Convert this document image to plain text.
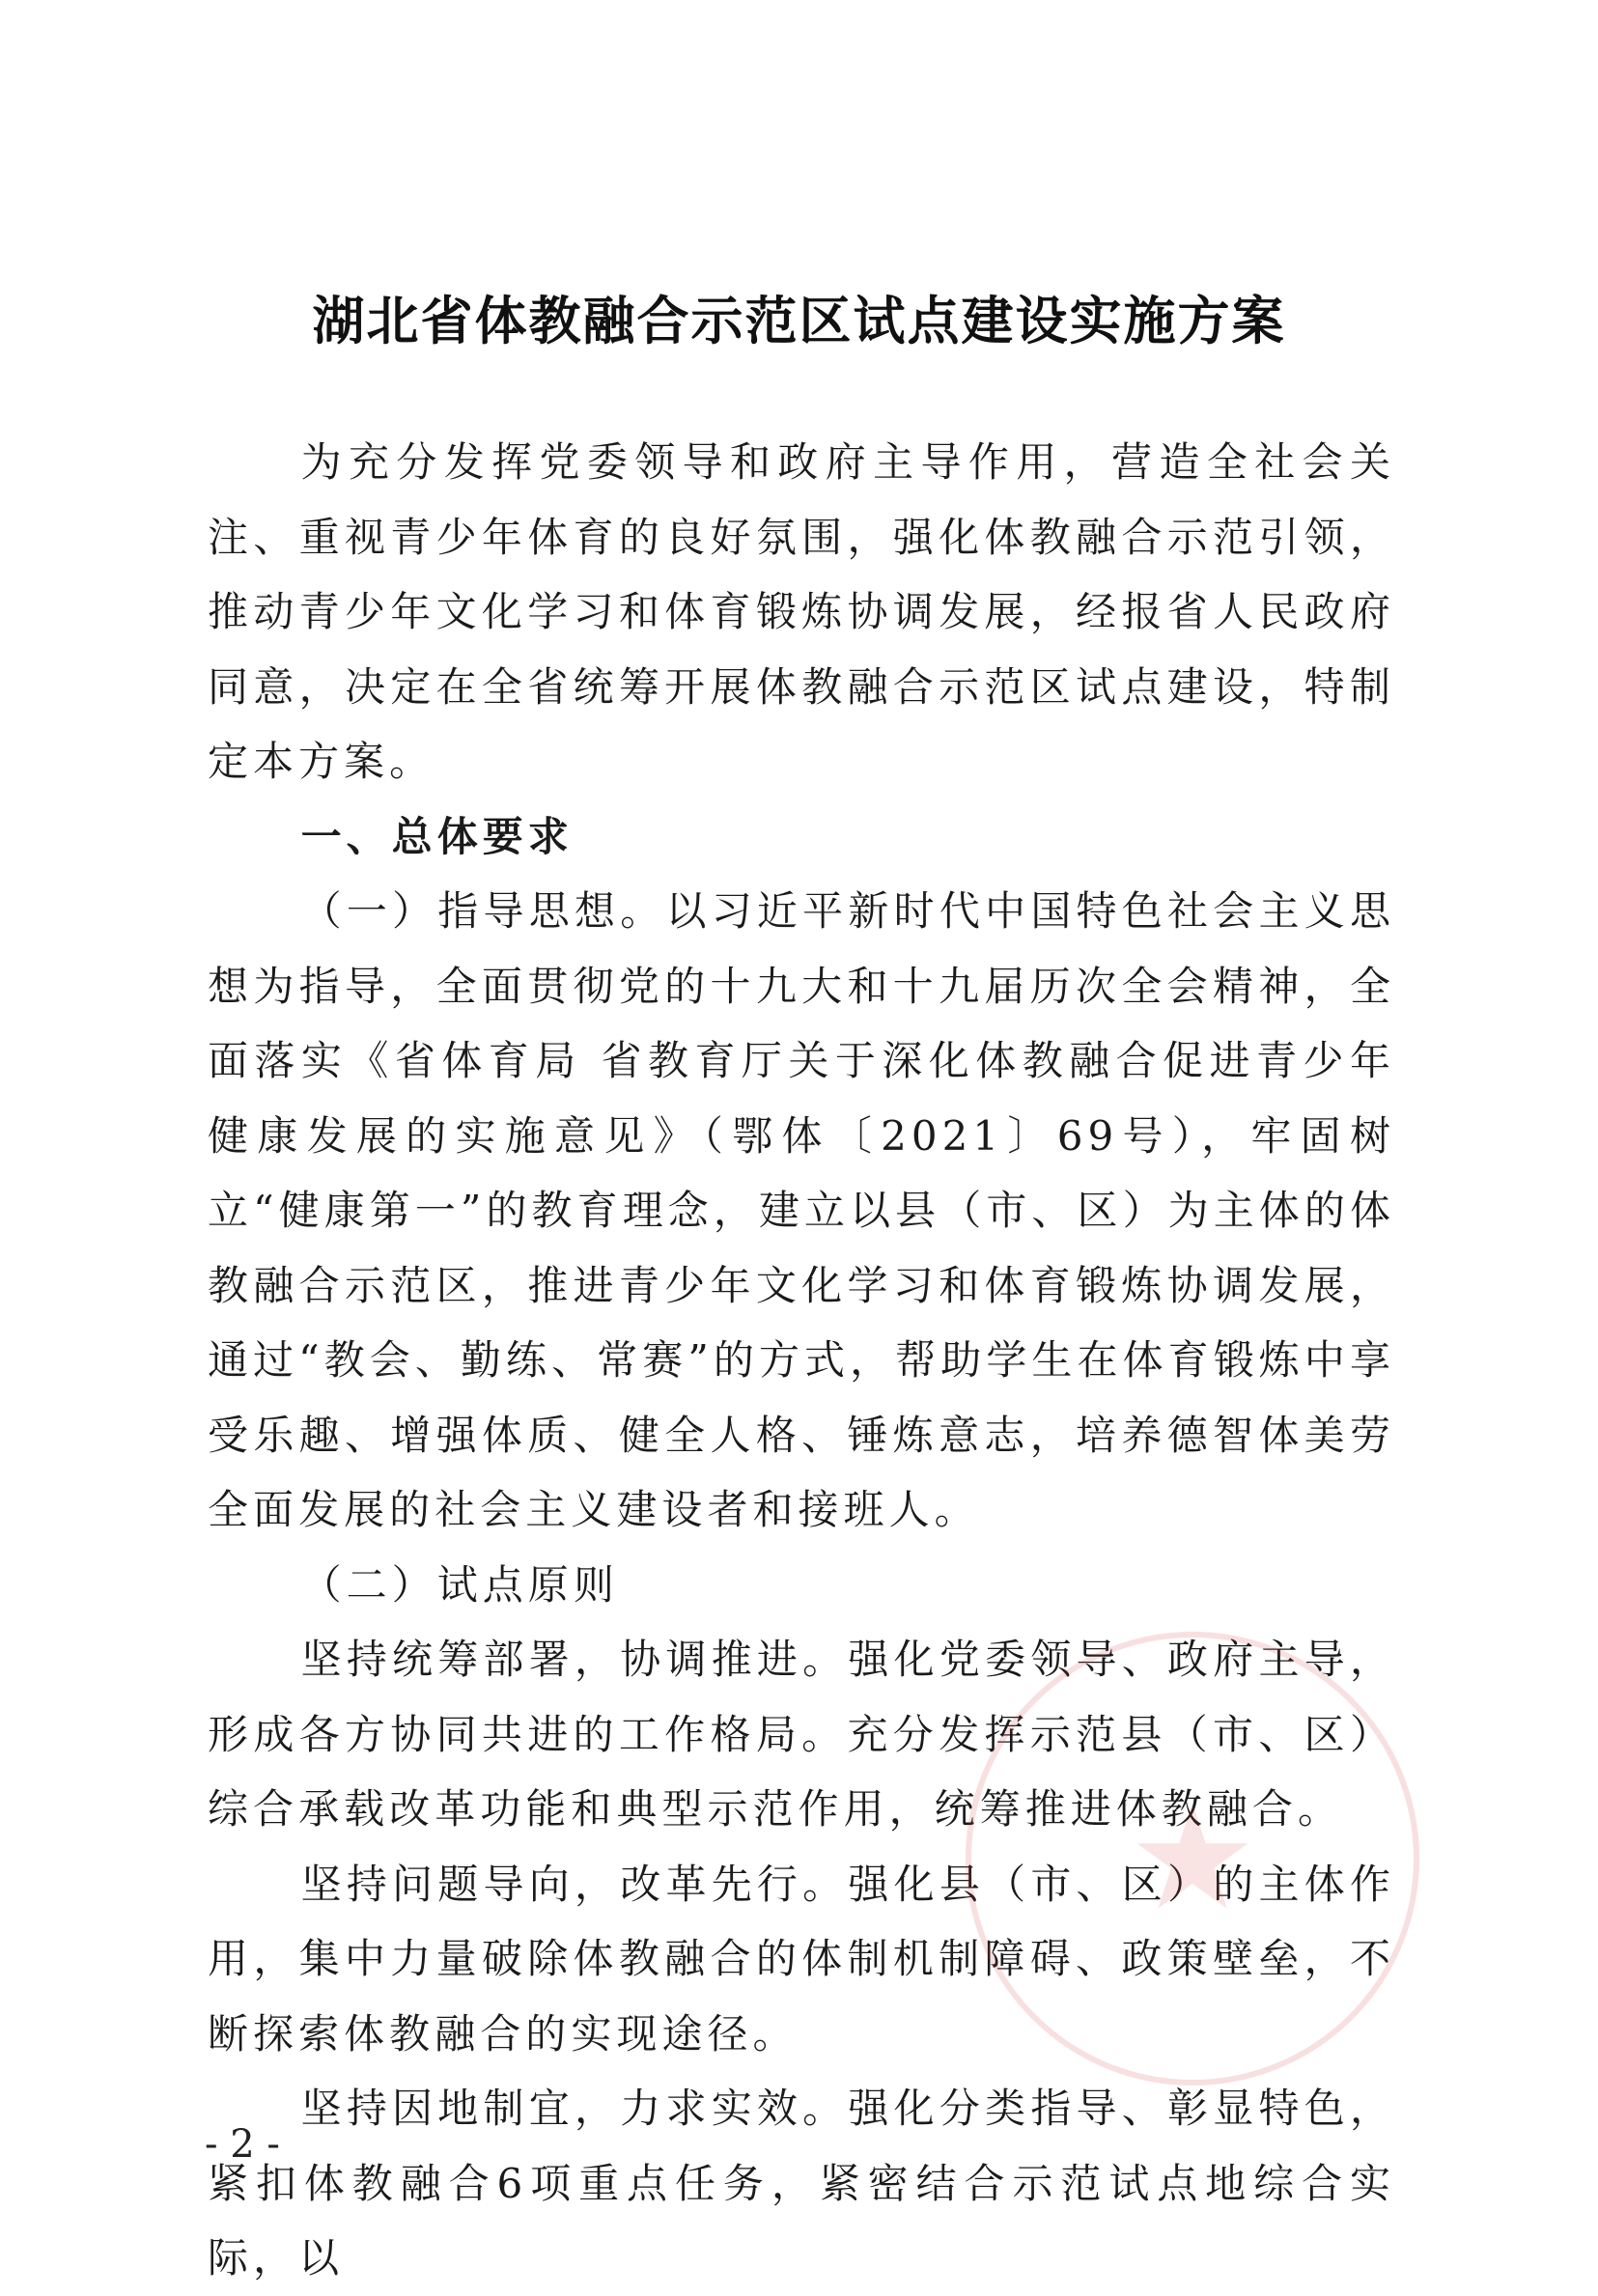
湖北省体教融合示范区试点建设实施方案

为充分发挥党委领导和政府主导作用，营造全社会关注、重视青少年体育的良好氛围，强化体教融合示范引领，推动青少年文化学习和体育锻炼协调发展，经报省人民政府同意，决定在全省统筹开展体教融合示范区试点建设，特制定本方案。

一、总体要求

（一）指导思想。以习近平新时代中国特色社会主义思想为指导，全面贯彻党的十九大和十九届历次全会精神，全面落实《省体育局 省教育厅关于深化体教融合促进青少年健康发展的实施意见》（鄂体〔2021〕69号），牢固树立“健康第一”的教育理念，建立以县（市、区）为主体的体教融合示范区，推进青少年文化学习和体育锻炼协调发展，通过“教会、勤练、常赛”的方式，帮助学生在体育锻炼中享受乐趣、增强体质、健全人格、锤炼意志，培养德智体美劳全面发展的社会主义建设者和接班人。

（二）试点原则

坚持统筹部署，协调推进。强化党委领导、政府主导，形成各方协同共进的工作格局。充分发挥示范县（市、区）综合承载改革功能和典型示范作用，统筹推进体教融合。

坚持问题导向，改革先行。强化县（市、区）的主体作用，集中力量破除体教融合的体制机制障碍、政策壁垒，不断探索体教融合的实现途径。

坚持因地制宜，力求实效。强化分类指导、彰显特色，紧扣体教融合6项重点任务，紧密结合示范试点地综合实际，以

★
- 2 -
